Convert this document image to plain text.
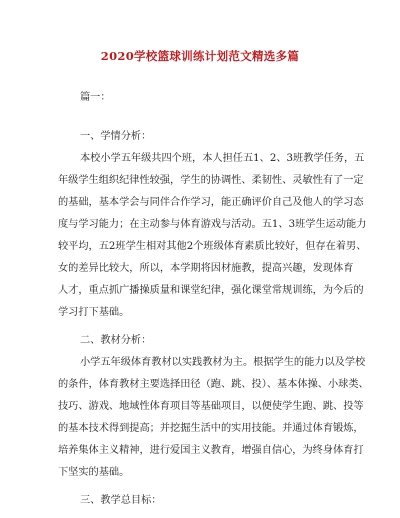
2020学校篮球训练计划范文精选多篇
篇一：
一、学情分析：
本校小学五年级共四个班，本人担任五1、2、3班教学任务，五
年级学生组织纪律性较强，学生的协调性、柔韧性、灵敏性有了一定
的基础，基本学会与同伴合作学习，能正确评价自己及他人的学习态
度与学习能力；在主动参与体育游戏与活动。五1、3班学生运动能力
较平均，五2班学生相对其他2个班级体育素质比较好，但存在着男、
女的差异比较大，所以，本学期将因材施教，提高兴趣，发现体育
人才，重点抓广播操质量和课堂纪律，强化课堂常规训练，为今后的
学习打下基础。
二、教材分析：
小学五年级体育教材以实践教材为主。根据学生的能力以及学校
的条件，体育教材主要选择田径（跑、跳、投）、基本体操、小球类、
技巧、游戏、地域性体育项目等基础项目，以便使学生跑、跳、投等
的基本技术得到提高；并挖掘生活中的实用技能。并通过体育锻炼，
培养集体主义精神，进行爱国主义教育，增强自信心，为终身体育打
下坚实的基础。
三、教学总目标：
